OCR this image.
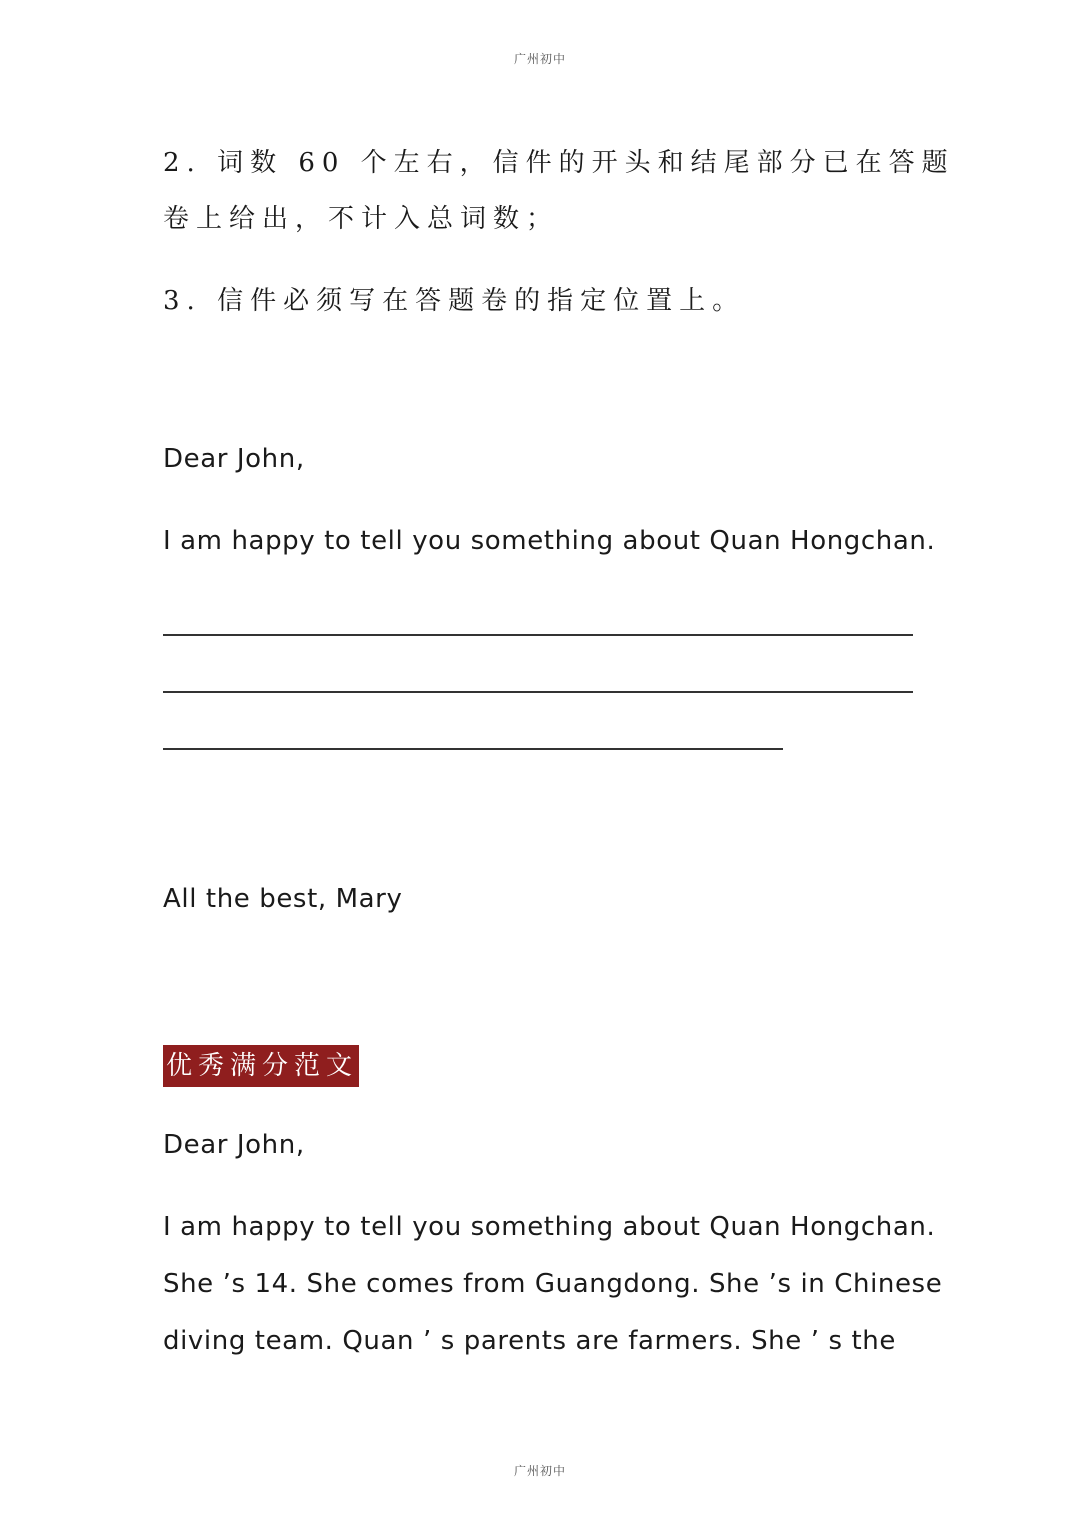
广州初中
2. 词数 60 个左右，信件的开头和结尾部分已在答题
卷上给出，不计入总词数；
3. 信件必须写在答题卷的指定位置上。
Dear John,
I am happy to tell you something about Quan Hongchan.
All the best, Mary
优秀满分范文
Dear John,
I am happy to tell you something about Quan Hongchan.
She ’s 14. She comes from Guangdong. She ’s in Chinese
diving team. Quan ’ s parents are farmers. She ’ s the
广州初中
